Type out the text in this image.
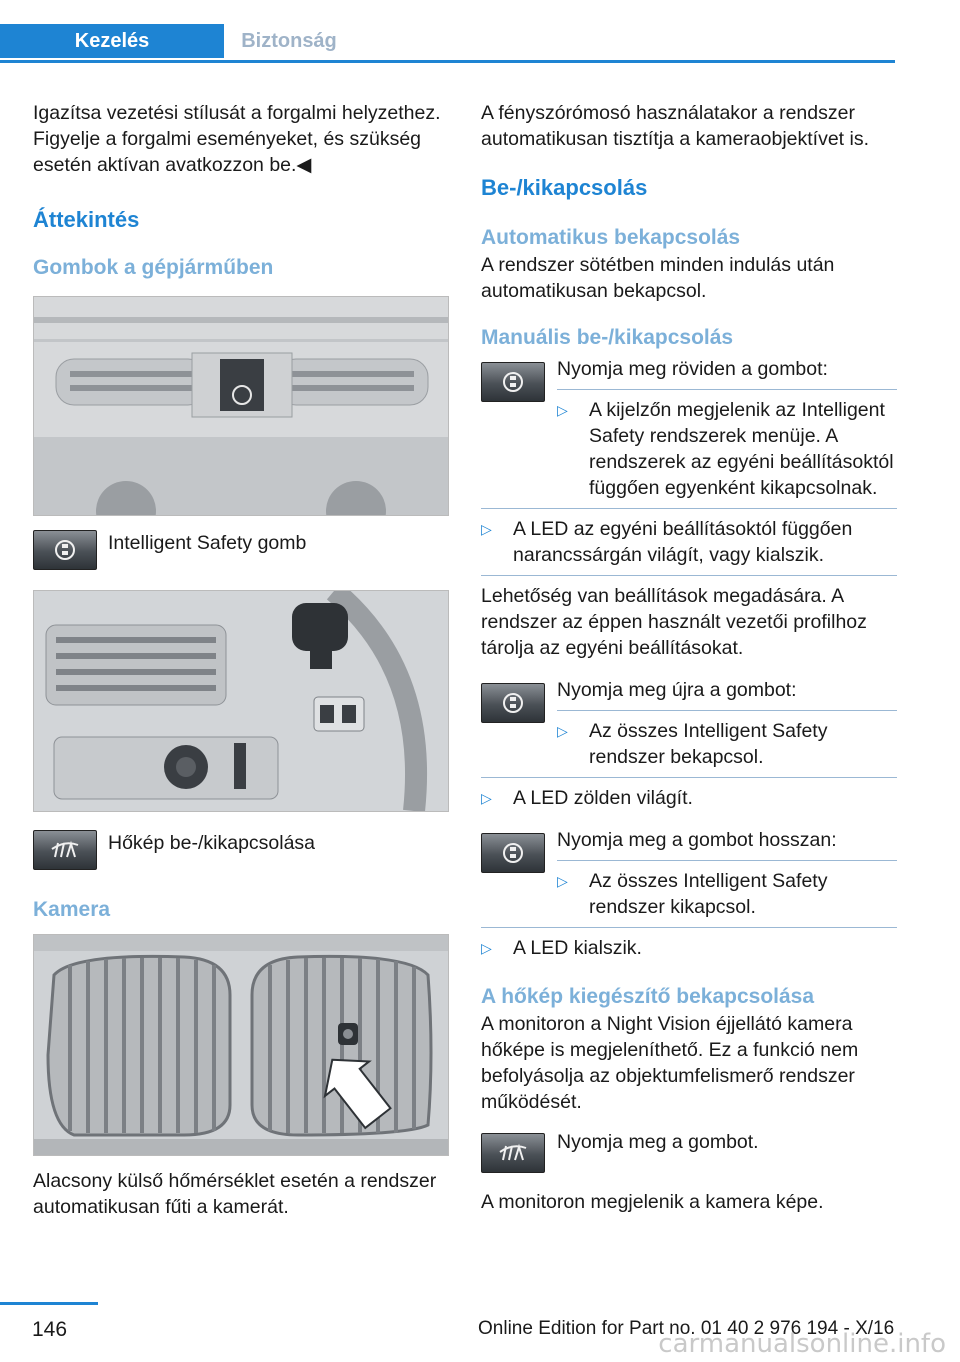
Kezelés	Biztonság

Igazítsa vezetési stílusát a forgalmi helyzethez. Figyelje a forgalmi eseményeket, és szükség esetén aktívan avatkozzon be.◀

Áttekintés
Gombok a gépjárműben
Intelligent Safety gomb
Hőkép be-/kikapcsolása
Kamera

Alacsony külső hőmérséklet esetén a rendszer automatikusan fűti a kamerát.

A fényszórómosó használatakor a rendszer automatikusan tisztítja a kameraobjektívet is.

Be-/kikapcsolás
Automatikus bekapcsolás

A rendszer sötétben minden indulás után automatikusan bekapcsol.

Manuális be-/kikapcsolás
Nyomja meg röviden a gombot:
▷	A kijelzőn megjelenik az Intelligent Safety rendszerek menüje. A rendszerek az egyéni beállításoktól függően egyenként kikapcsolnak.
▷	A LED az egyéni beállításoktól függően narancssárgán világít, vagy kialszik.

Lehetőség van beállítások megadására. A rendszer az éppen használt vezetői profilhoz tárolja az egyéni beállításokat.

Nyomja meg újra a gombot:
▷	Az összes Intelligent Safety rendszer bekapcsol.
▷	A LED zölden világít.
Nyomja meg a gombot hosszan:
▷	Az összes Intelligent Safety rendszer kikapcsol.
▷	A LED kialszik.
A hőkép kiegészítő bekapcsolása

A monitoron a Night Vision éjjellátó kamera hőképe is megjeleníthető. Ez a funkció nem befolyásolja az objektumfelismerő rendszer működését.

Nyomja meg a gombot.

A monitoron megjelenik a kamera képe.

146	Online Edition for Part no. 01 40 2 976 194 - X/16
carmanualsonline.info
